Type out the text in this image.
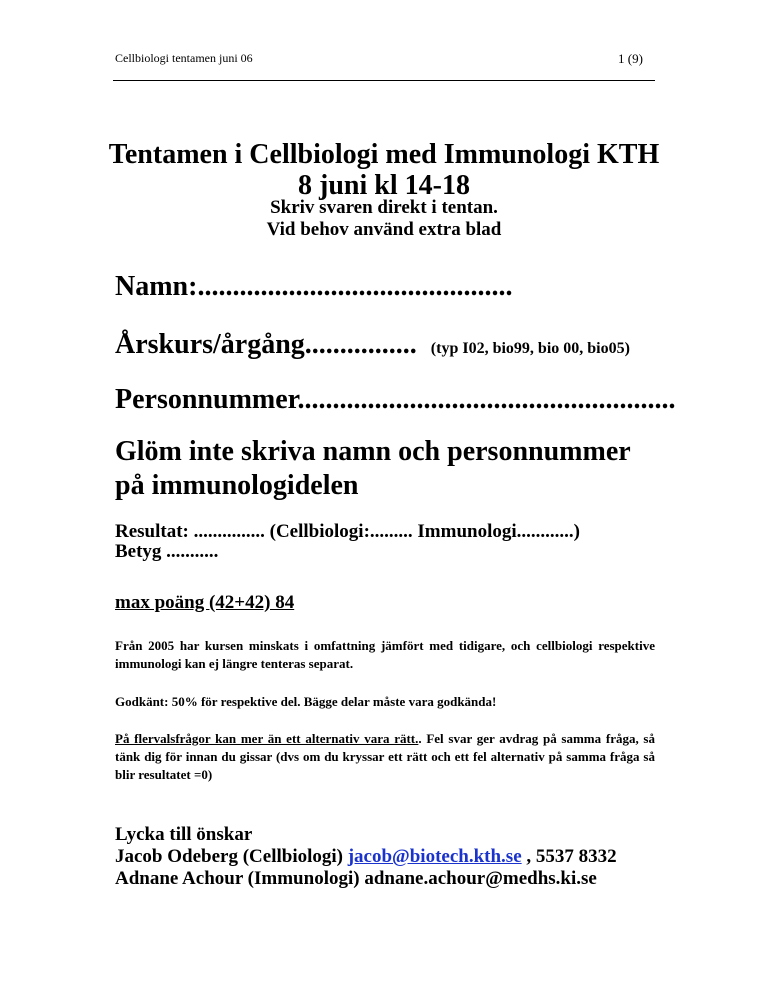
Cellbiologi tentamen juni 06	1 (9)
Tentamen i Cellbiologi med Immunologi KTH
8 juni kl 14-18
Skriv svaren direkt i tentan.
Vid behov använd extra blad
Namn:.............................................
Årskurs/årgång................ (typ I02, bio99, bio 00, bio05)
Personnummer......................................................
Glöm inte skriva namn och personnummer på immunologidelen
Resultat: ............... (Cellbiologi:......... Immunologi............)
Betyg ...........
max poäng (42+42) 84
Från 2005 har kursen minskats i omfattning jämfört med tidigare, och cellbiologi respektive immunologi kan ej längre tenteras separat.
Godkänt: 50% för respektive del. Bägge delar måste vara godkända!
På flervalsfrågor kan mer än ett alternativ vara rätt.. Fel svar ger avdrag på samma fråga, så tänk dig för innan du gissar (dvs om du kryssar ett rätt och ett fel alternativ på samma fråga så blir resultatet =0)
Lycka till önskar
Jacob Odeberg (Cellbiologi) jacob@biotech.kth.se , 5537 8332
Adnane Achour (Immunologi) adnane.achour@medhs.ki.se
